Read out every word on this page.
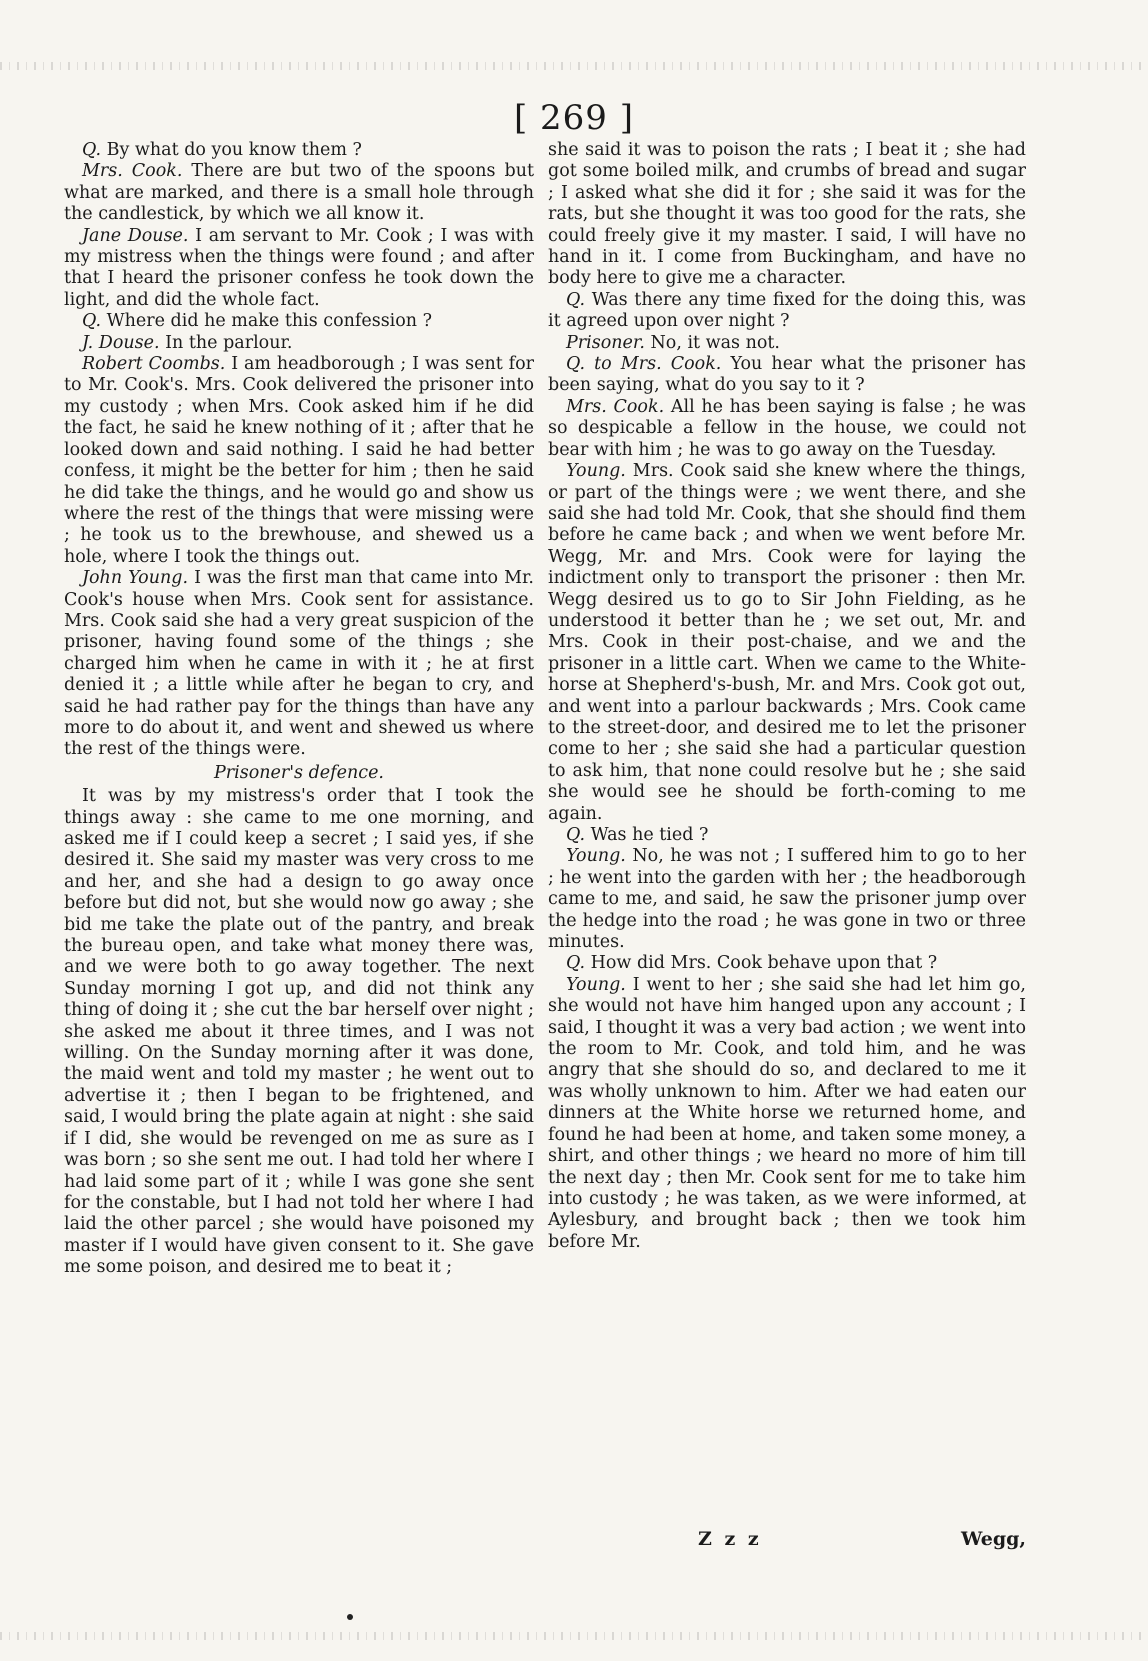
[ 269 ]

Q. By what do you know them ?

Mrs. Cook. There are but two of the spoons but what are marked, and there is a small hole through the candlestick, by which we all know it.

Jane Douse. I am servant to Mr. Cook ; I was with my mistress when the things were found ; and after that I heard the prisoner confess he took down the light, and did the whole fact.

Q. Where did he make this confession ?

J. Douse. In the parlour.

Robert Coombs. I am headborough ; I was sent for to Mr. Cook's. Mrs. Cook delivered the prisoner into my custody ; when Mrs. Cook asked him if he did the fact, he said he knew nothing of it ; after that he looked down and said nothing. I said he had better confess, it might be the better for him ; then he said he did take the things, and he would go and show us where the rest of the things that were missing were ; he took us to the brewhouse, and shewed us a hole, where I took the things out.

John Young. I was the first man that came into Mr. Cook's house when Mrs. Cook sent for assistance. Mrs. Cook said she had a very great suspicion of the prisoner, having found some of the things ; she charged him when he came in with it ; he at first denied it ; a little while after he began to cry, and said he had rather pay for the things than have any more to do about it, and went and shewed us where the rest of the things were.

Prisoner's defence.

It was by my mistress's order that I took the things away : she came to me one morning, and asked me if I could keep a secret ; I said yes, if she desired it. She said my master was very cross to me and her, and she had a design to go away once before but did not, but she would now go away ; she bid me take the plate out of the pantry, and break the bureau open, and take what money there was, and we were both to go away together. The next Sunday morning I got up, and did not think any thing of doing it ; she cut the bar herself over night ; she asked me about it three times, and I was not willing. On the Sunday morning after it was done, the maid went and told my master ; he went out to advertise it ; then I began to be frightened, and said, I would bring the plate again at night : she said if I did, she would be revenged on me as sure as I was born ; so she sent me out. I had told her where I had laid some part of it ; while I was gone she sent for the constable, but I had not told her where I had laid the other parcel ; she would have poisoned my master if I would have given consent to it. She gave me some poison, and desired me to beat it ;

she said it was to poison the rats ; I beat it ; she had got some boiled milk, and crumbs of bread and sugar ; I asked what she did it for ; she said it was for the rats, but she thought it was too good for the rats, she could freely give it my master. I said, I will have no hand in it. I come from Buckingham, and have no body here to give me a character.

Q. Was there any time fixed for the doing this, was it agreed upon over night ?

Prisoner. No, it was not.

Q. to Mrs. Cook. You hear what the prisoner has been saying, what do you say to it ?

Mrs. Cook. All he has been saying is false ; he was so despicable a fellow in the house, we could not bear with him ; he was to go away on the Tuesday.

Young. Mrs. Cook said she knew where the things, or part of the things were ; we went there, and she said she had told Mr. Cook, that she should find them before he came back ; and when we went before Mr. Wegg, Mr. and Mrs. Cook were for laying the indictment only to transport the prisoner : then Mr. Wegg desired us to go to Sir John Fielding, as he understood it better than he ; we set out, Mr. and Mrs. Cook in their post-chaise, and we and the prisoner in a little cart. When we came to the White-horse at Shepherd's-bush, Mr. and Mrs. Cook got out, and went into a parlour backwards ; Mrs. Cook came to the street-door, and desired me to let the prisoner come to her ; she said she had a particular question to ask him, that none could resolve but he ; she said she would see he should be forth-coming to me again.

Q. Was he tied ?

Young. No, he was not ; I suffered him to go to her ; he went into the garden with her ; the headborough came to me, and said, he saw the prisoner jump over the hedge into the road ; he was gone in two or three minutes.

Q. How did Mrs. Cook behave upon that ?

Young. I went to her ; she said she had let him go, she would not have him hanged upon any account ; I said, I thought it was a very bad action ; we went into the room to Mr. Cook, and told him, and he was angry that she should do so, and declared to me it was wholly unknown to him. After we had eaten our dinners at the White horse we returned home, and found he had been at home, and taken some money, a shirt, and other things ; we heard no more of him till the next day ; then Mr. Cook sent for me to take him into custody ; he was taken, as we were informed, at Aylesbury, and brought back ; then we took him before Mr.

Z z z	Wegg,
